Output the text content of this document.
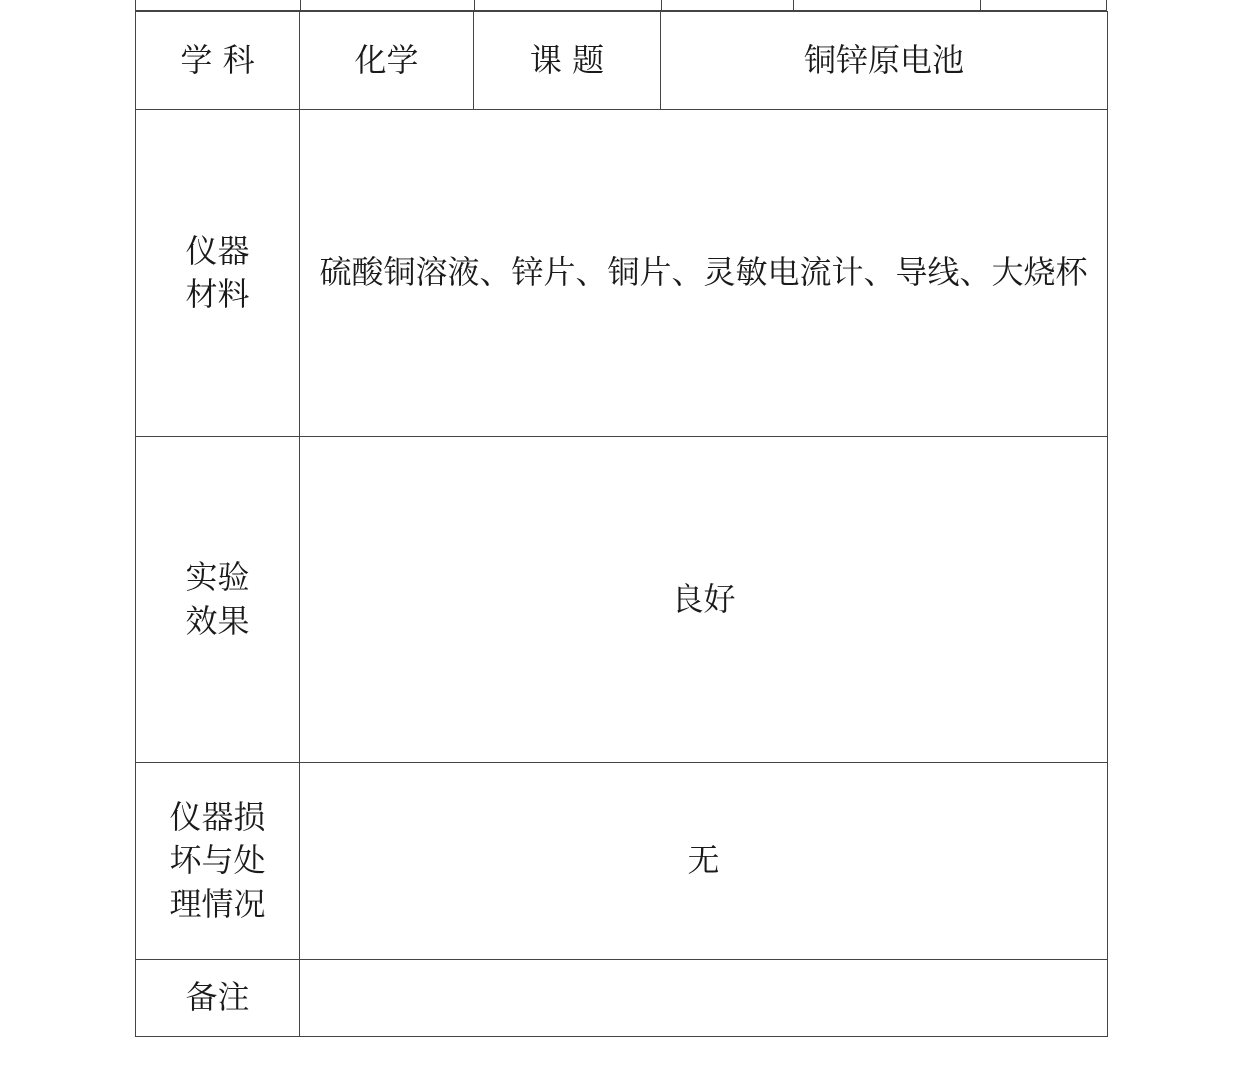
学 科	化学	课 题	铜锌原电池

仪器
材料	硫酸铜溶液、锌片、铜片、灵敏电流计、导线、大烧杯		

实验
效果	良好		

仪器损
坏与处
理情况	无		
备注			
